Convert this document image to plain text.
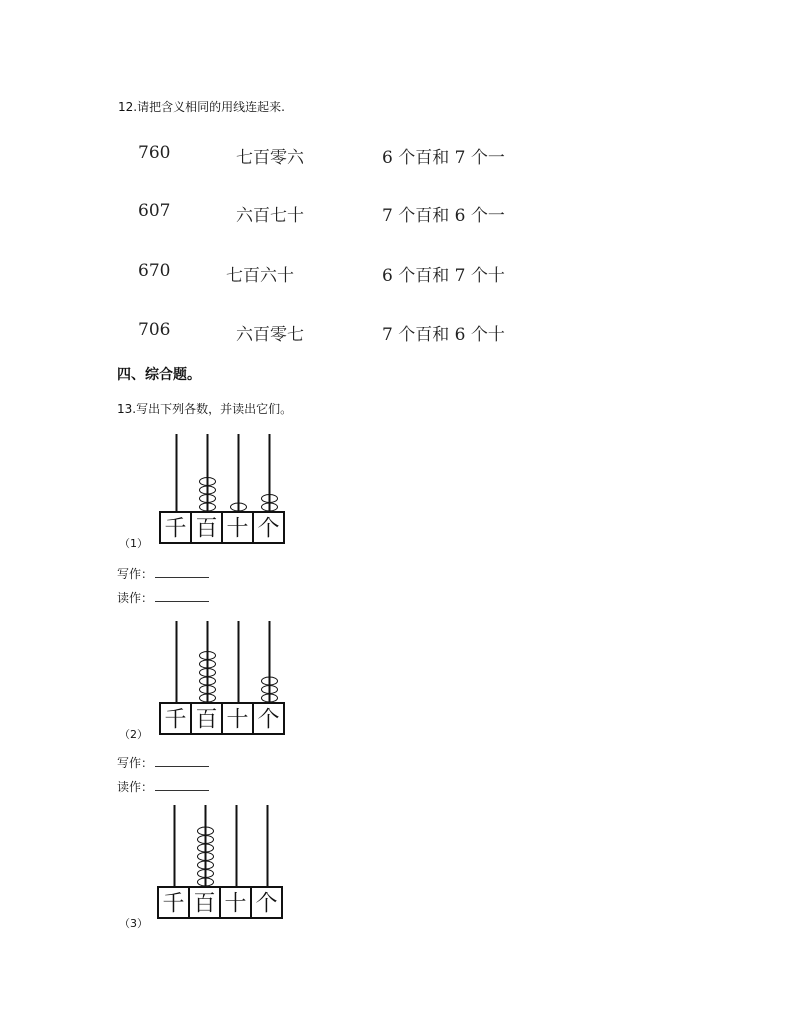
12.请把含义相同的用线连起来.
760	七百零六	6 个百和 7 个一
607	六百七十	7 个百和 6 个一
670	七百六十	6 个百和 7 个十
706	六百零七	7 个百和 6 个十
四、综合题。
13.写出下列各数，并读出它们。
千 百 十 个
（1）
写作：
读作：
千 百 十 个
（2）
写作：
读作：
千 百 十 个
（3）
